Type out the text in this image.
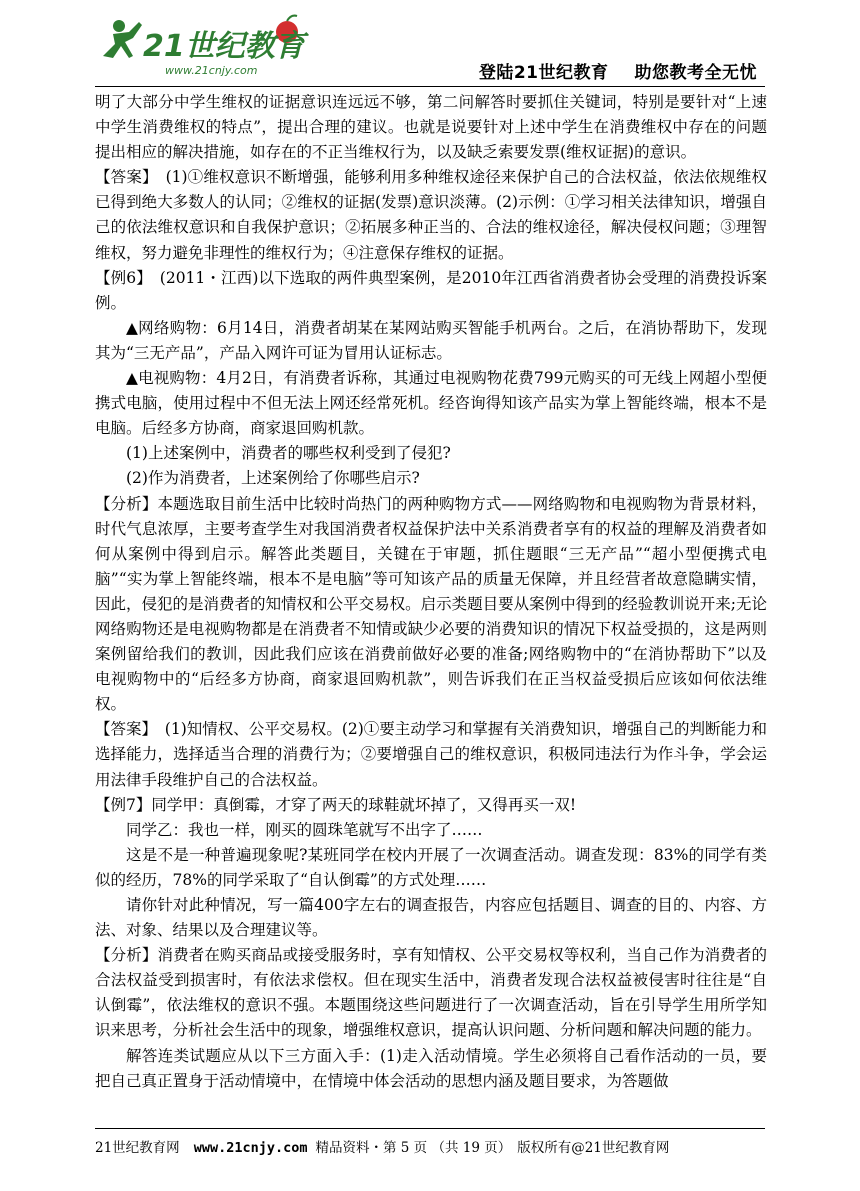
21世纪教育
www.21cnjy.com	登陆21世纪教育 助您教考全无忧

明了大部分中学生维权的证据意识连远远不够，第二问解答时要抓住关键词，特别是要针对“上速中学生消费维权的特点”，提出合理的建议。也就是说要针对上述中学生在消费维权中存在的问题提出相应的解决措施，如存在的不正当维权行为，以及缺乏索要发票(维权证据)的意识。

【答案】　(1)①维权意识不断增强，能够利用多种维权途径来保护自己的合法权益，依法依规维权已得到绝大多数人的认同；②维权的证据(发票)意识淡薄。(2)示例：①学习相关法律知识，增强自己的依法维权意识和自我保护意识；②拓展多种正当的、合法的维权途径，解决侵权问题；③理智维权，努力避免非理性的维权行为；④注意保存维权的证据。

【例6】　(2011・江西)以下选取的两件典型案例，是2010年江西省消费者协会受理的消费投诉案例。

▲网络购物：6月14日，消费者胡某在某网站购买智能手机两台。之后，在消协帮助下，发现其为“三无产品”，产品入网许可证为冒用认证标志。

▲电视购物：4月2日，有消费者诉称，其通过电视购物花费799元购买的可无线上网超小型便携式电脑，使用过程中不但无法上网还经常死机。经咨询得知该产品实为掌上智能终端，根本不是电脑。后经多方协商，商家退回购机款。

(1)上述案例中，消费者的哪些权利受到了侵犯?

(2)作为消费者，上述案例给了你哪些启示?

【分析】本题选取目前生活中比较时尚热门的两种购物方式——网络购物和电视购物为背景材料，时代气息浓厚，主要考查学生对我国消费者权益保护法中关系消费者享有的权益的理解及消费者如何从案例中得到启示。解答此类题目，关键在于审题，抓住题眼“三无产品”“超小型便携式电脑”“实为掌上智能终端，根本不是电脑”等可知该产品的质量无保障，并且经营者故意隐瞒实情，因此，侵犯的是消费者的知情权和公平交易权。启示类题目要从案例中得到的经验教训说开来;无论网络购物还是电视购物都是在消费者不知情或缺少必要的消费知识的情况下权益受损的，这是两则案例留给我们的教训，因此我们应该在消费前做好必要的准备;网络购物中的“在消协帮助下”以及电视购物中的“后经多方协商，商家退回购机款”，则告诉我们在正当权益受损后应该如何依法维权。

【答案】　(1)知情权、公平交易权。(2)①要主动学习和掌握有关消费知识，增强自己的判断能力和选择能力，选择适当合理的消费行为；②要增强自己的维权意识，积极同违法行为作斗争，学会运用法律手段维护自己的合法权益。

【例7】同学甲：真倒霉，才穿了两天的球鞋就坏掉了，又得再买一双!

同学乙：我也一样，刚买的圆珠笔就写不出字了……

这是不是一种普遍现象呢?某班同学在校内开展了一次调查活动。调查发现：83%的同学有类似的经历，78%的同学采取了“自认倒霉”的方式处理……

请你针对此种情况，写一篇400字左右的调查报告，内容应包括题目、调查的目的、内容、方法、对象、结果以及合理建议等。

【分析】消费者在购买商品或接受服务时，享有知情权、公平交易权等权利，当自己作为消费者的合法权益受到损害时，有依法求偿权。但在现实生活中，消费者发现合法权益被侵害时往往是“自认倒霉”，依法维权的意识不强。本题围绕这些问题进行了一次调查活动，旨在引导学生用所学知识来思考，分析社会生活中的现象，增强维权意识，提高认识问题、分析问题和解决问题的能力。

解答连类试题应从以下三方面入手：(1)走入活动情境。学生必须将自己看作活动的一员，要把自己真正置身于活动情境中，在情境中体会活动的思想内涵及题目要求，为答题做

21世纪教育网 www.21cnjy.com 精品资料・第 5 页 （共 19 页） 版权所有@21世纪教育网
